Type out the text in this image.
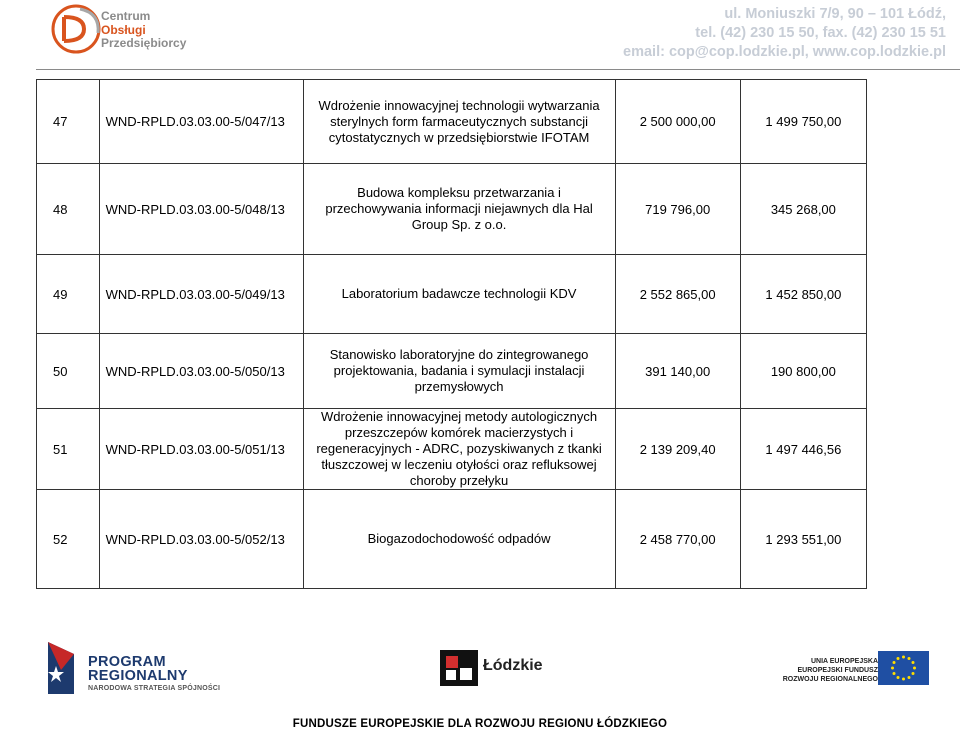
Centrum
Obsługi
Przedsiębiorcy
ul. Moniuszki 7/9, 90 – 101 Łódź,
tel. (42) 230 15 50, fax. (42) 230 15 51
email: cop@cop.lodzkie.pl, www.cop.lodzkie.pl
47	WND-RPLD.03.03.00-5/047/13	Wdrożenie innowacyjnej technologii wytwarzania sterylnych form farmaceutycznych substancji cytostatycznych w przedsiębiorstwie IFOTAM	2 500 000,00	1 499 750,00
48	WND-RPLD.03.03.00-5/048/13	Budowa kompleksu przetwarzania i przechowywania informacji niejawnych dla Hal Group Sp. z o.o.	719 796,00	345 268,00
49	WND-RPLD.03.03.00-5/049/13	Laboratorium badawcze technologii KDV	2 552 865,00	1 452 850,00
50	WND-RPLD.03.03.00-5/050/13	Stanowisko laboratoryjne do zintegrowanego projektowania, badania i symulacji instalacji przemysłowych	391 140,00	190 800,00
51	WND-RPLD.03.03.00-5/051/13	Wdrożenie innowacyjnej metody autologicznych przeszczepów komórek macierzystych i regeneracyjnych - ADRC, pozyskiwanych z tkanki tłuszczowej w leczeniu otyłości oraz refluksowej choroby przełyku	2 139 209,40	1 497 446,56
52	WND-RPLD.03.03.00-5/052/13	Biogazodochodowość odpadów	2 458 770,00	1 293 551,00
PROGRAM
REGIONALNY
NARODOWA STRATEGIA SPÓJNOŚCI
Łódzkie	UNIA EUROPEJSKA
EUROPEJSKI FUNDUSZ
ROZWOJU REGIONALNEGO
FUNDUSZE EUROPEJSKIE DLA ROZWOJU REGIONU ŁÓDZKIEGO
